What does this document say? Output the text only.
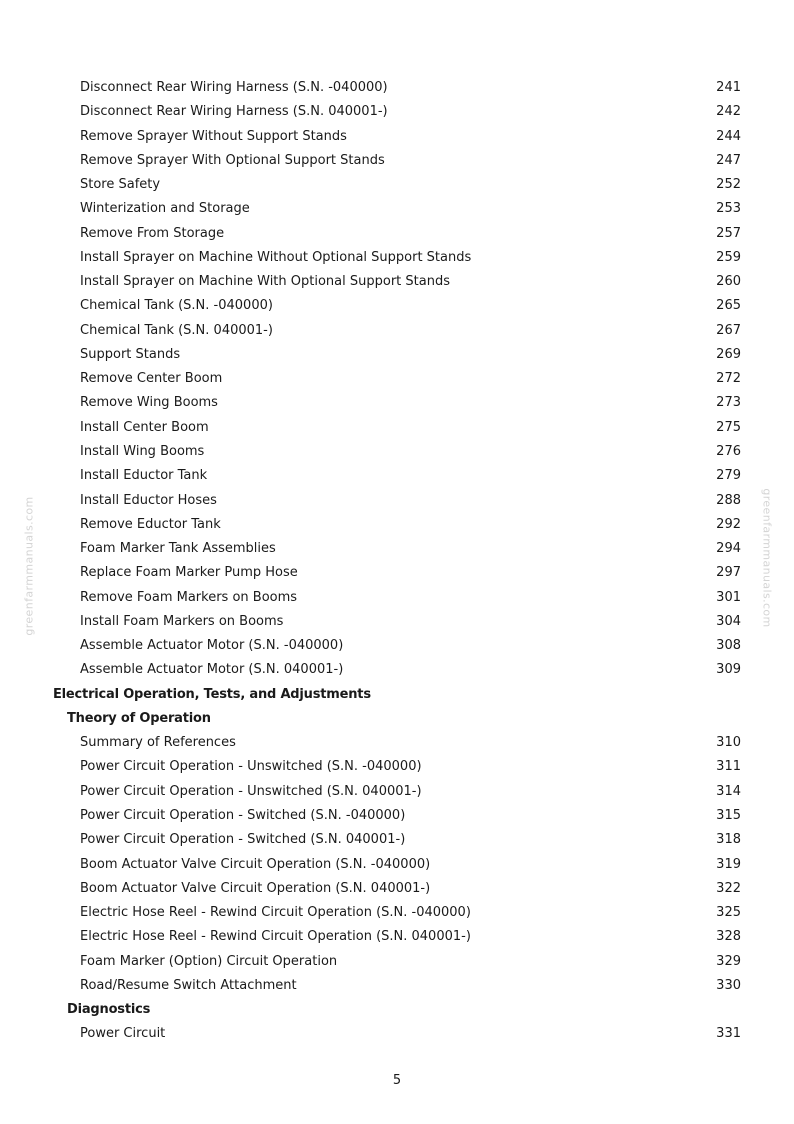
greenfarmmanuals.com	greenfarmmanuals.com
Disconnect Rear Wiring Harness (S.N. -040000)	241
Disconnect Rear Wiring Harness (S.N. 040001-)	242
Remove Sprayer Without Support Stands	244
Remove Sprayer With Optional Support Stands	247
Store Safety	252
Winterization and Storage	253
Remove From Storage	257
Install Sprayer on Machine Without Optional Support Stands	259
Install Sprayer on Machine With Optional Support Stands	260
Chemical Tank (S.N. -040000)	265
Chemical Tank (S.N. 040001-)	267
Support Stands	269
Remove Center Boom	272
Remove Wing Booms	273
Install Center Boom	275
Install Wing Booms	276
Install Eductor Tank	279
Install Eductor Hoses	288
Remove Eductor Tank	292
Foam Marker Tank Assemblies	294
Replace Foam Marker Pump Hose	297
Remove Foam Markers on Booms	301
Install Foam Markers on Booms	304
Assemble Actuator Motor (S.N. -040000)	308
Assemble Actuator Motor (S.N. 040001-)	309
Electrical Operation, Tests, and Adjustments
Theory of Operation
Summary of References	310
Power Circuit Operation - Unswitched (S.N. -040000)	311
Power Circuit Operation - Unswitched (S.N. 040001-)	314
Power Circuit Operation - Switched (S.N. -040000)	315
Power Circuit Operation - Switched (S.N. 040001-)	318
Boom Actuator Valve Circuit Operation (S.N. -040000)	319
Boom Actuator Valve Circuit Operation (S.N. 040001-)	322
Electric Hose Reel - Rewind Circuit Operation (S.N. -040000)	325
Electric Hose Reel - Rewind Circuit Operation (S.N. 040001-)	328
Foam Marker (Option) Circuit Operation	329
Road/Resume Switch Attachment	330
Diagnostics
Power Circuit	331
5
